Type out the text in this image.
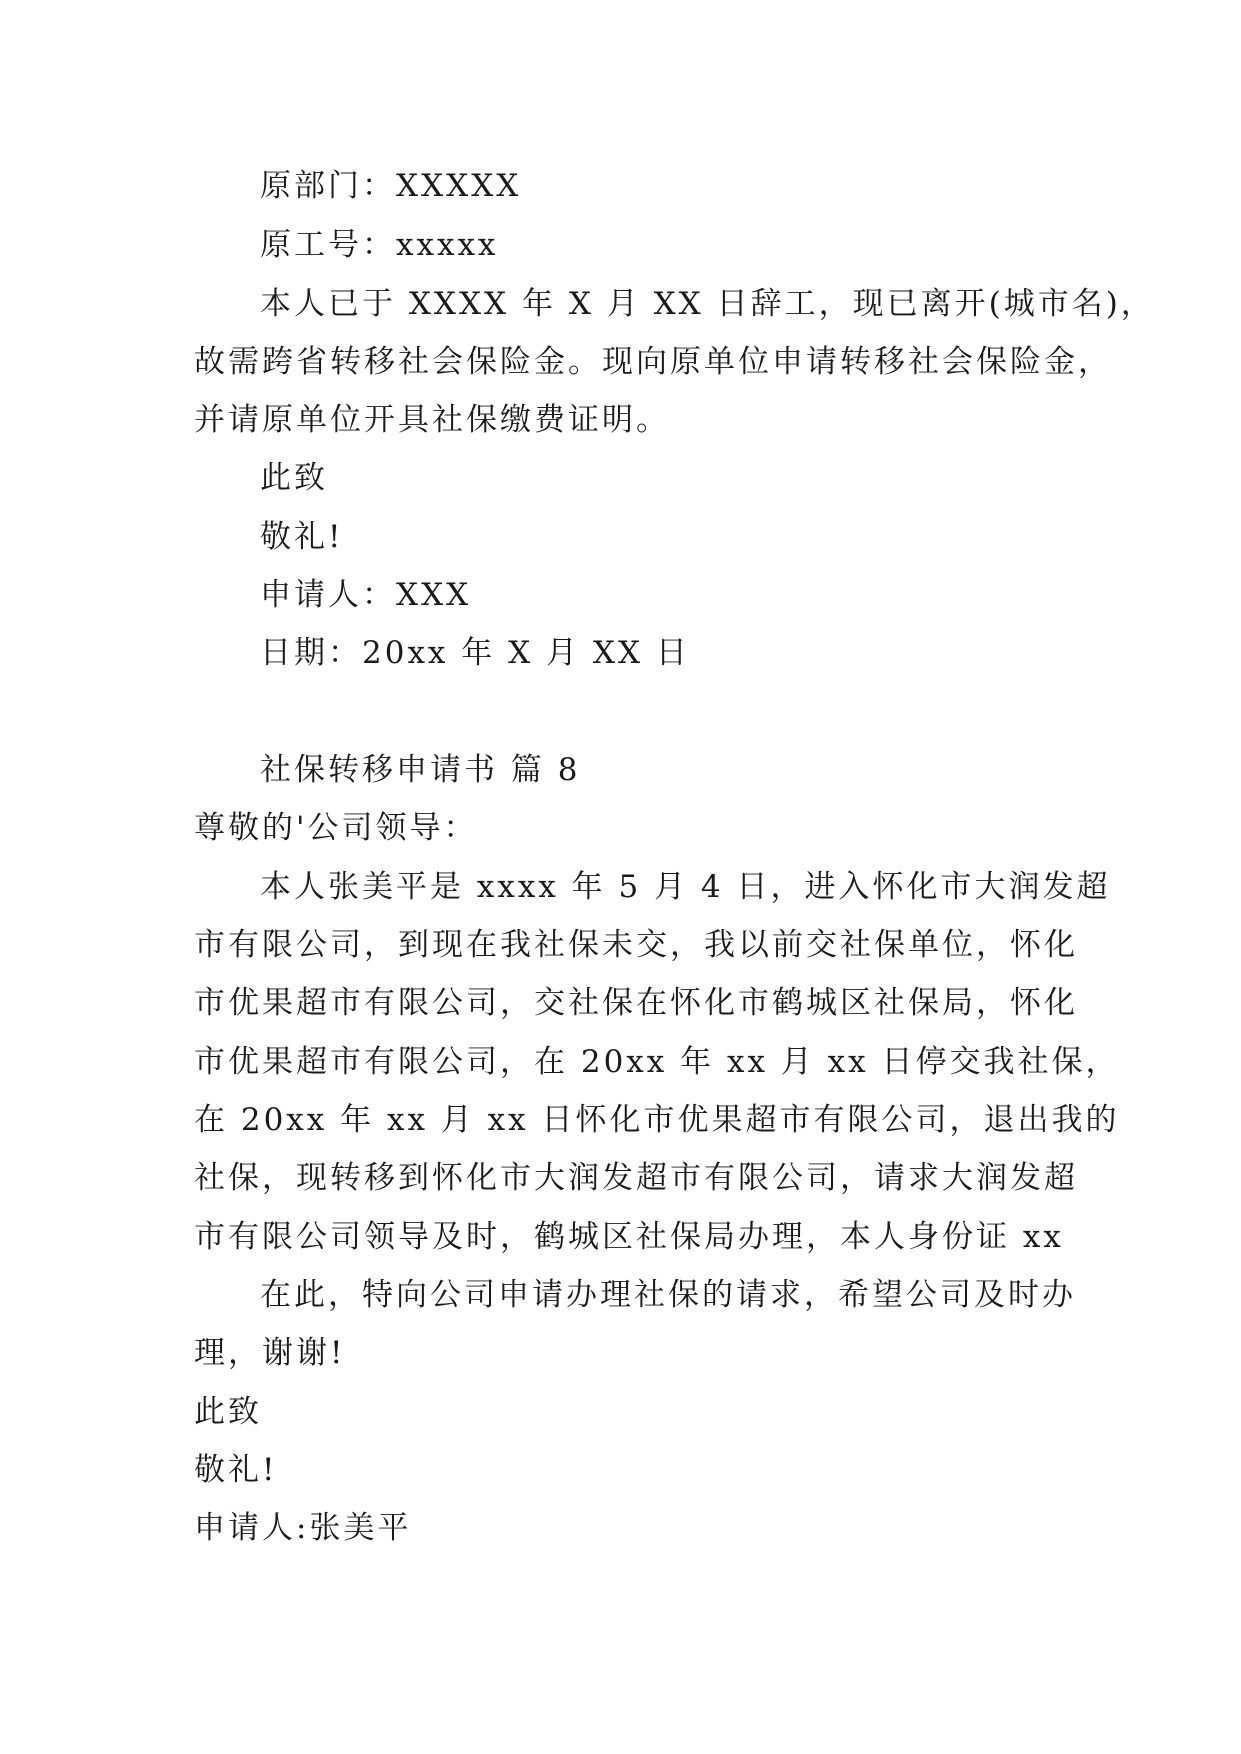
原部门：XXXXX
原工号：xxxxx
本人已于 XXXX 年 X 月 XX 日辞工，现已离开(城市名)，
故需跨省转移社会保险金。现向原单位申请转移社会保险金，
并请原单位开具社保缴费证明。
此致
敬礼!
申请人：XXX
日期：20xx 年 X 月 XX 日
社保转移申请书 篇 8
尊敬的'公司领导：
本人张美平是 xxxx 年 5 月 4 日，进入怀化市大润发超
市有限公司，到现在我社保未交，我以前交社保单位，怀化
市优果超市有限公司，交社保在怀化市鹤城区社保局，怀化
市优果超市有限公司，在 20xx 年 xx 月 xx 日停交我社保，
在 20xx 年 xx 月 xx 日怀化市优果超市有限公司，退出我的
社保，现转移到怀化市大润发超市有限公司，请求大润发超
市有限公司领导及时，鹤城区社保局办理，本人身份证 xx
在此，特向公司申请办理社保的请求，希望公司及时办
理，谢谢!
此致
敬礼!
申请人:张美平
